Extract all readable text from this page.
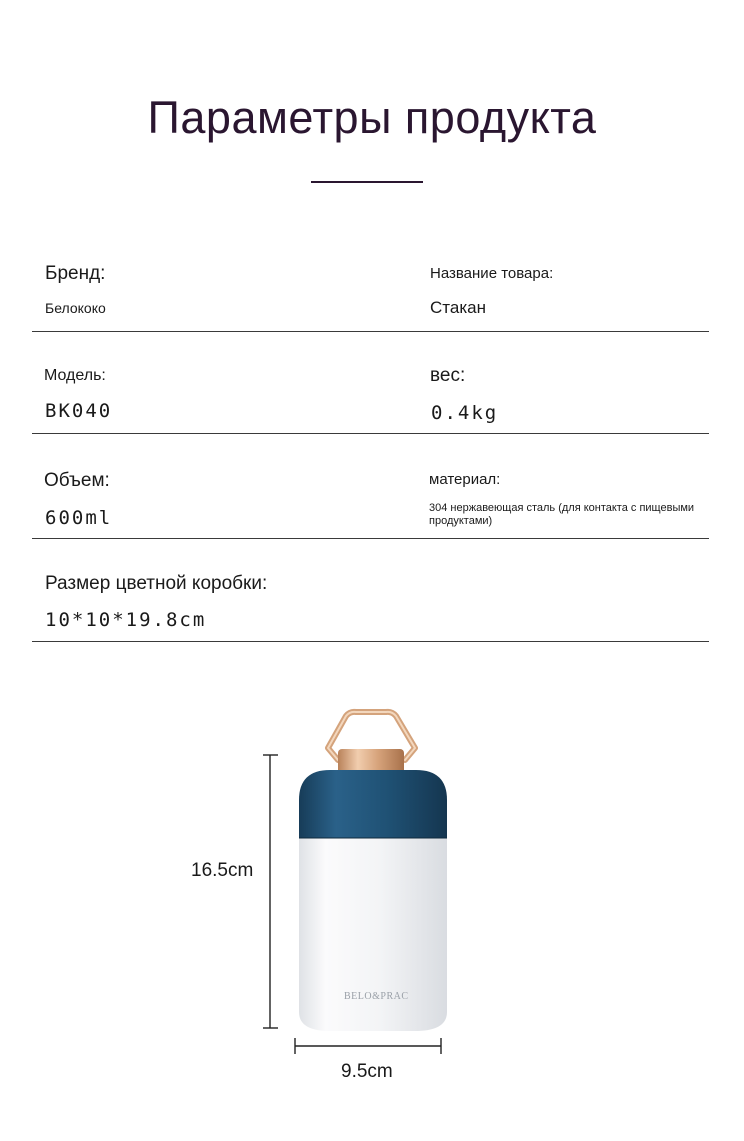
Параметры продукта
Бренд:
Белококо
Название товара:
Стакан
Модель:
BK040
вес:
0.4kg
Объем:
600ml
материал:
304 нержавеющая сталь (для контакта с пищевыми продуктами)
Размер цветной коробки:
10*10*19.8cm
BELO&PRAC
16.5cm
9.5cm
